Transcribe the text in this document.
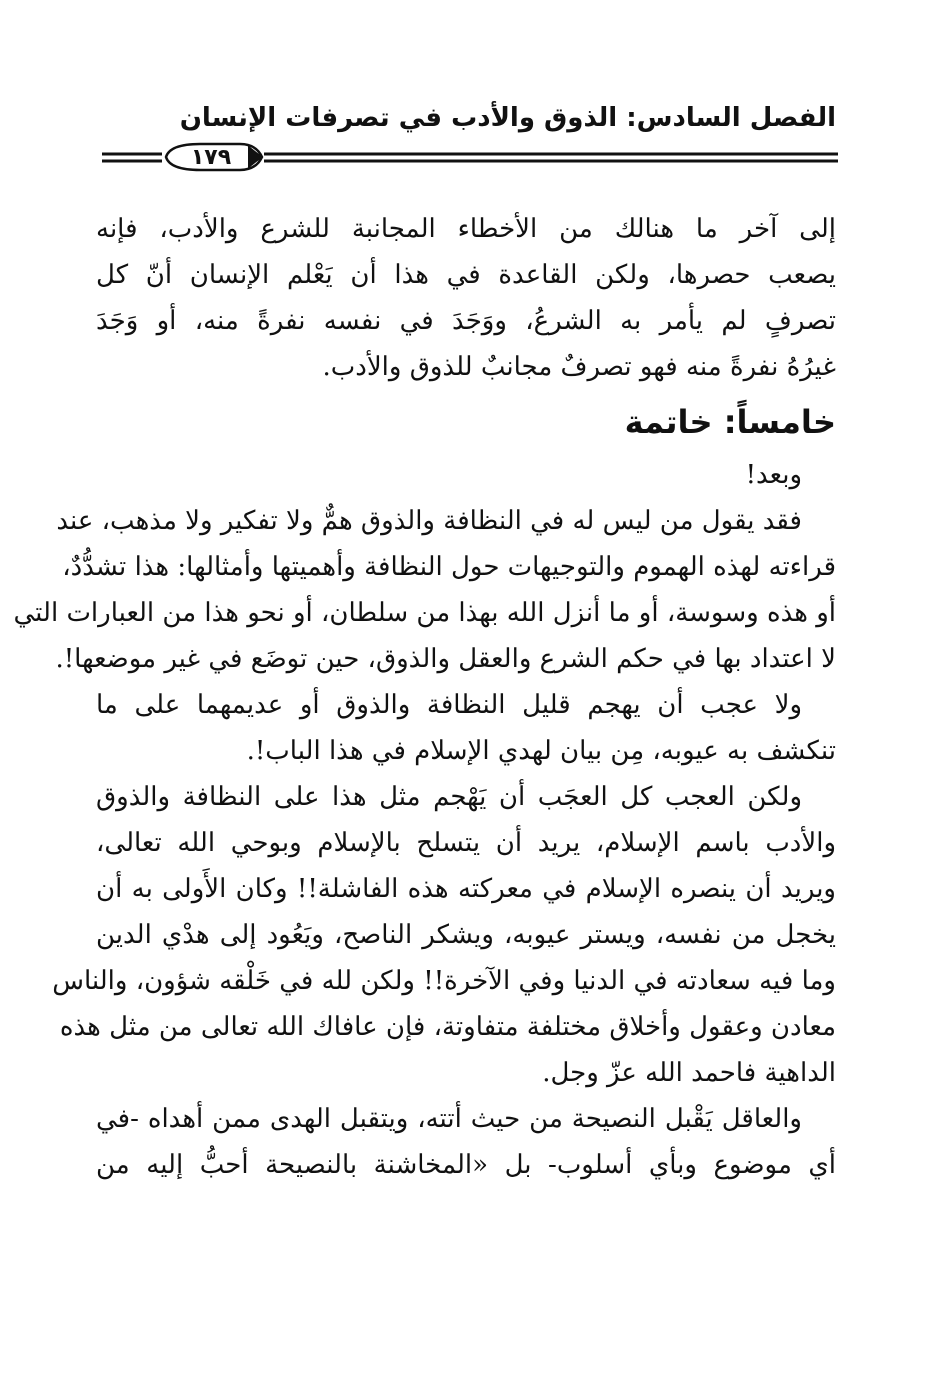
الفصل السادس: الذوق والأدب في تصرفات الإنسان
١٧٩
إلى آخر ما هنالك من الأخطاء المجانبة للشرع والأدب، فإنه
يصعب حصرها، ولكن القاعدة في هذا أن يَعْلم الإنسان أنّ كل
تصرفٍ لم يأمر به الشرعُ، ووَجَدَ في نفسه نفرةً منه، أو وَجَدَ
غيرُهُ نفرةً منه فهو تصرفٌ مجانبٌ للذوق والأدب.
خامساً: خاتمة
وبعد!
فقد يقول من ليس له في النظافة والذوق همٌّ ولا تفكير ولا مذهب، عند
قراءته لهذه الهموم والتوجيهات حول النظافة وأهميتها وأمثالها: هذا تشدُّدٌ،
أو هذه وسوسة، أو ما أنزل الله بهذا من سلطان، أو نحو هذا من العبارات التي
لا اعتداد بها في حكم الشرع والعقل والذوق، حين توضَع في غير موضعها!.
ولا عجب أن يهجم قليل النظافة والذوق أو عديمهما على ما
تنكشف به عيوبه، مِن بيان لهدي الإسلام في هذا الباب!.
ولكن العجب كل العجَب أن يَهْجم مثل هذا على النظافة والذوق
والأدب باسم الإسلام، يريد أن يتسلح بالإسلام وبوحي الله تعالى،
ويريد أن ينصره الإسلام في معركته هذه الفاشلة!! وكان الأَولى به أن
يخجل من نفسه، ويستر عيوبه، ويشكر الناصح، ويَعُود إلى هدْي الدين
وما فيه سعادته في الدنيا وفي الآخرة!! ولكن لله في خَلْقه شؤون، والناس
معادن وعقول وأخلاق مختلفة متفاوتة، فإن عافاك الله تعالى من مثل هذه
الداهية فاحمد الله عزّ وجل.
والعاقل يَقْبل النصيحة من حيث أتته، ويتقبل الهدى ممن أهداه -في
أي موضوع وبأي أسلوب- بل «المخاشنة بالنصيحة أحبُّ إليه من
